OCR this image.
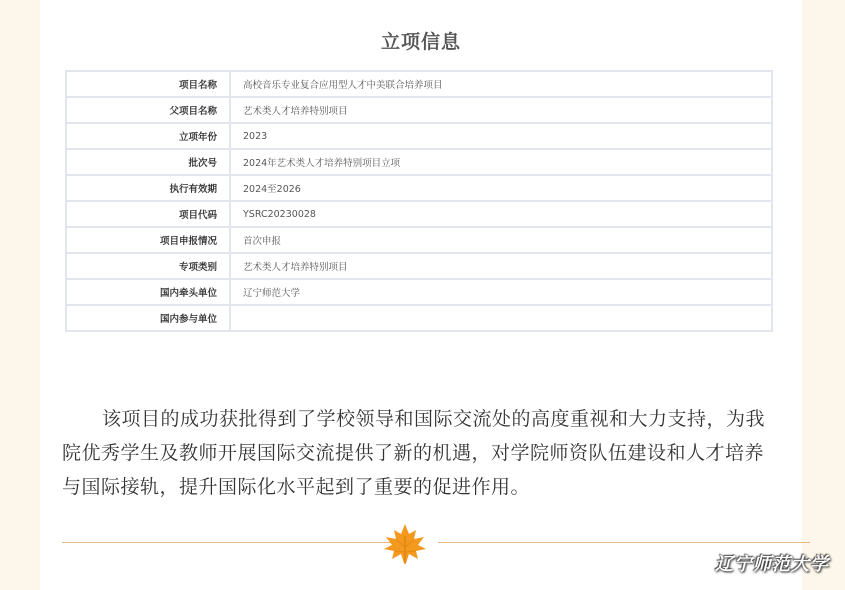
立项信息
项目名称	高校音乐专业复合应用型人才中美联合培养项目
父项目名称	艺术类人才培养特别项目
立项年份	2023
批次号	2024年艺术类人才培养特别项目立项
执行有效期	2024至2026
项目代码	YSRC20230028
项目申报情况	首次申报
专项类别	艺术类人才培养特别项目
国内牵头单位	辽宁师范大学
国内参与单位	
该项目的成功获批得到了学校领导和国际交流处的高度重视和大力支持，为我院优秀学生及教师开展国际交流提供了新的机遇，对学院师资队伍建设和人才培养与国际接轨，提升国际化水平起到了重要的促进作用。
辽宁师范大学
